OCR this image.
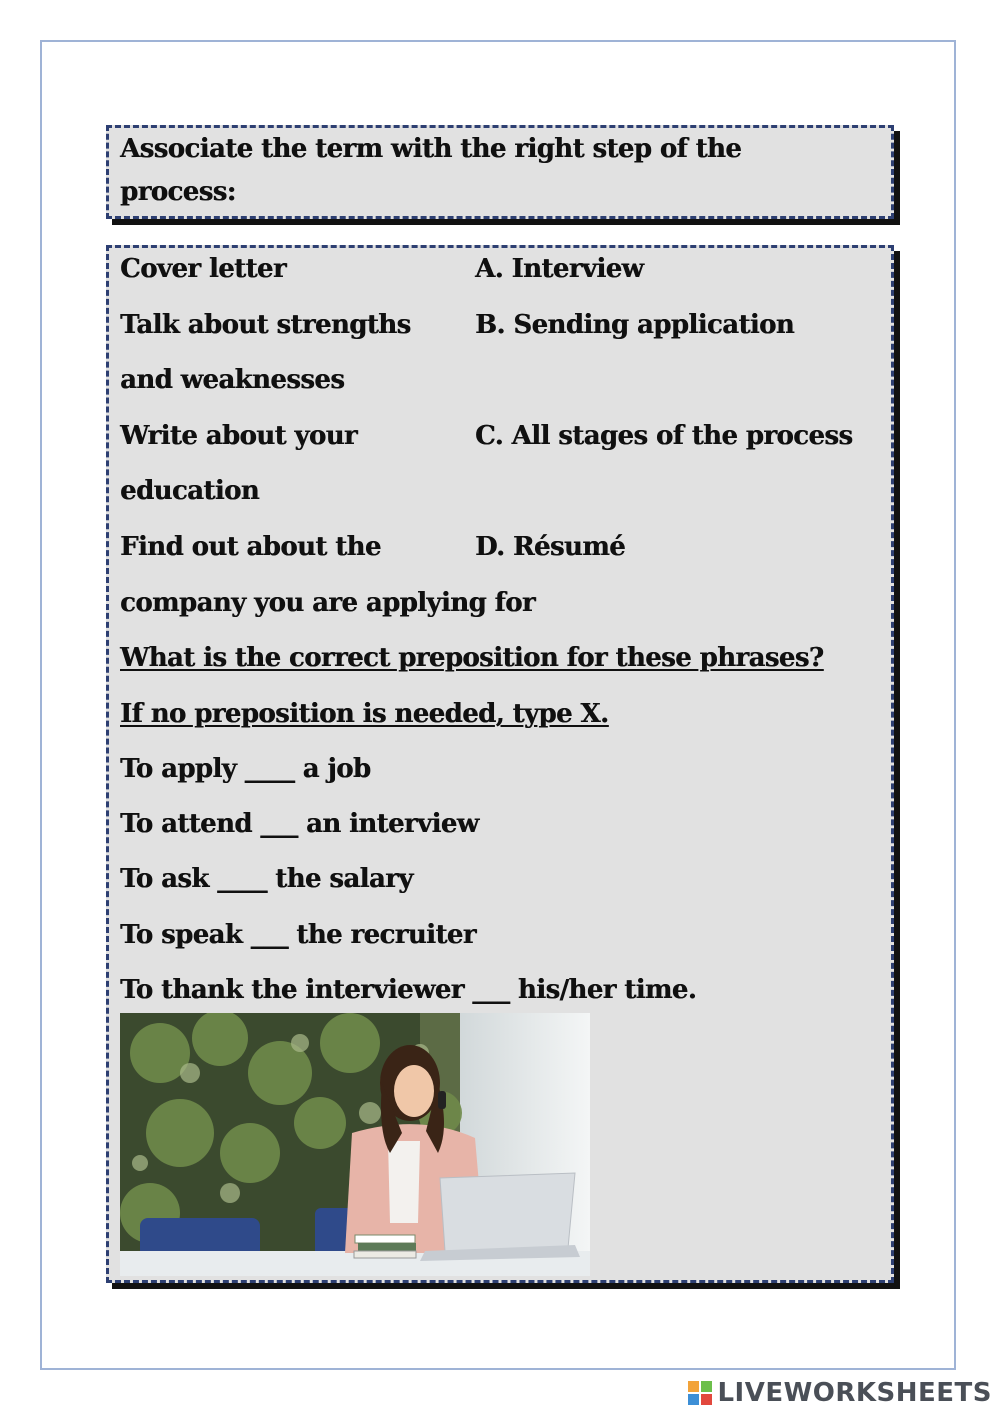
Associate the term with the right step of the

process:

Cover letter

Talk about strengths

and weaknesses

Write about your

education

Find out about the

company you are applying for

A. Interview

B. Sending application

C. All stages of the process

D. Résumé

What is the correct preposition for these phrases?

If no preposition is needed, type X.

To apply ____ a job

To attend ___ an interview

To ask ____ the salary

To speak ___ the recruiter

To thank the interviewer ___ his/her time.

LIVEWORKSHEETS
